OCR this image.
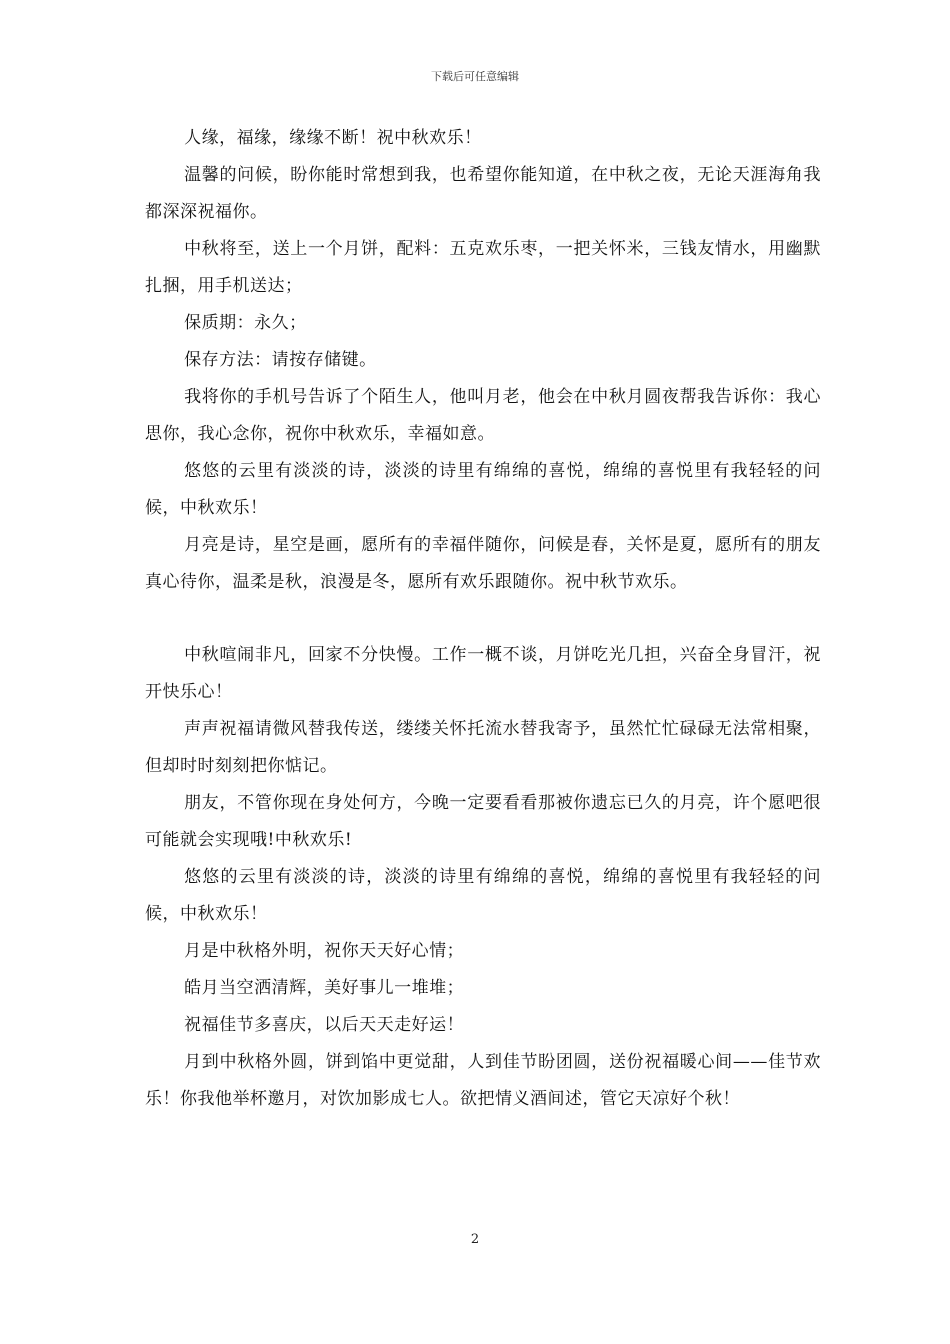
下载后可任意编辑

人缘，福缘，缘缘不断！祝中秋欢乐！

温馨的问候，盼你能时常想到我，也希望你能知道，在中秋之夜，无论天涯海角我都深深祝福你。

中秋将至，送上一个月饼，配料：五克欢乐枣，一把关怀米，三钱友情水，用幽默扎捆，用手机送达；

保质期：永久；

保存方法：请按存储键。

我将你的手机号告诉了个陌生人，他叫月老，他会在中秋月圆夜帮我告诉你：我心思你，我心念你，祝你中秋欢乐，幸福如意。

悠悠的云里有淡淡的诗，淡淡的诗里有绵绵的喜悦，绵绵的喜悦里有我轻轻的问候，中秋欢乐！

月亮是诗，星空是画，愿所有的幸福伴随你，问候是春，关怀是夏，愿所有的朋友真心待你，温柔是秋，浪漫是冬，愿所有欢乐跟随你。祝中秋节欢乐。

中秋喧闹非凡，回家不分快慢。工作一概不谈，月饼吃光几担，兴奋全身冒汗，祝开快乐心！

声声祝福请微风替我传送，缕缕关怀托流水替我寄予，虽然忙忙碌碌无法常相聚，但却时时刻刻把你惦记。

朋友，不管你现在身处何方，今晚一定要看看那被你遗忘已久的月亮，许个愿吧很可能就会实现哦!中秋欢乐!

悠悠的云里有淡淡的诗，淡淡的诗里有绵绵的喜悦，绵绵的喜悦里有我轻轻的问候，中秋欢乐！

月是中秋格外明，祝你天天好心情；

皓月当空洒清辉，美好事儿一堆堆；

祝福佳节多喜庆，以后天天走好运！

月到中秋格外圆，饼到馅中更觉甜，人到佳节盼团圆，送份祝福暖心间——佳节欢乐！你我他举杯邀月，对饮加影成七人。欲把情义酒间述，管它天凉好个秋！

2
